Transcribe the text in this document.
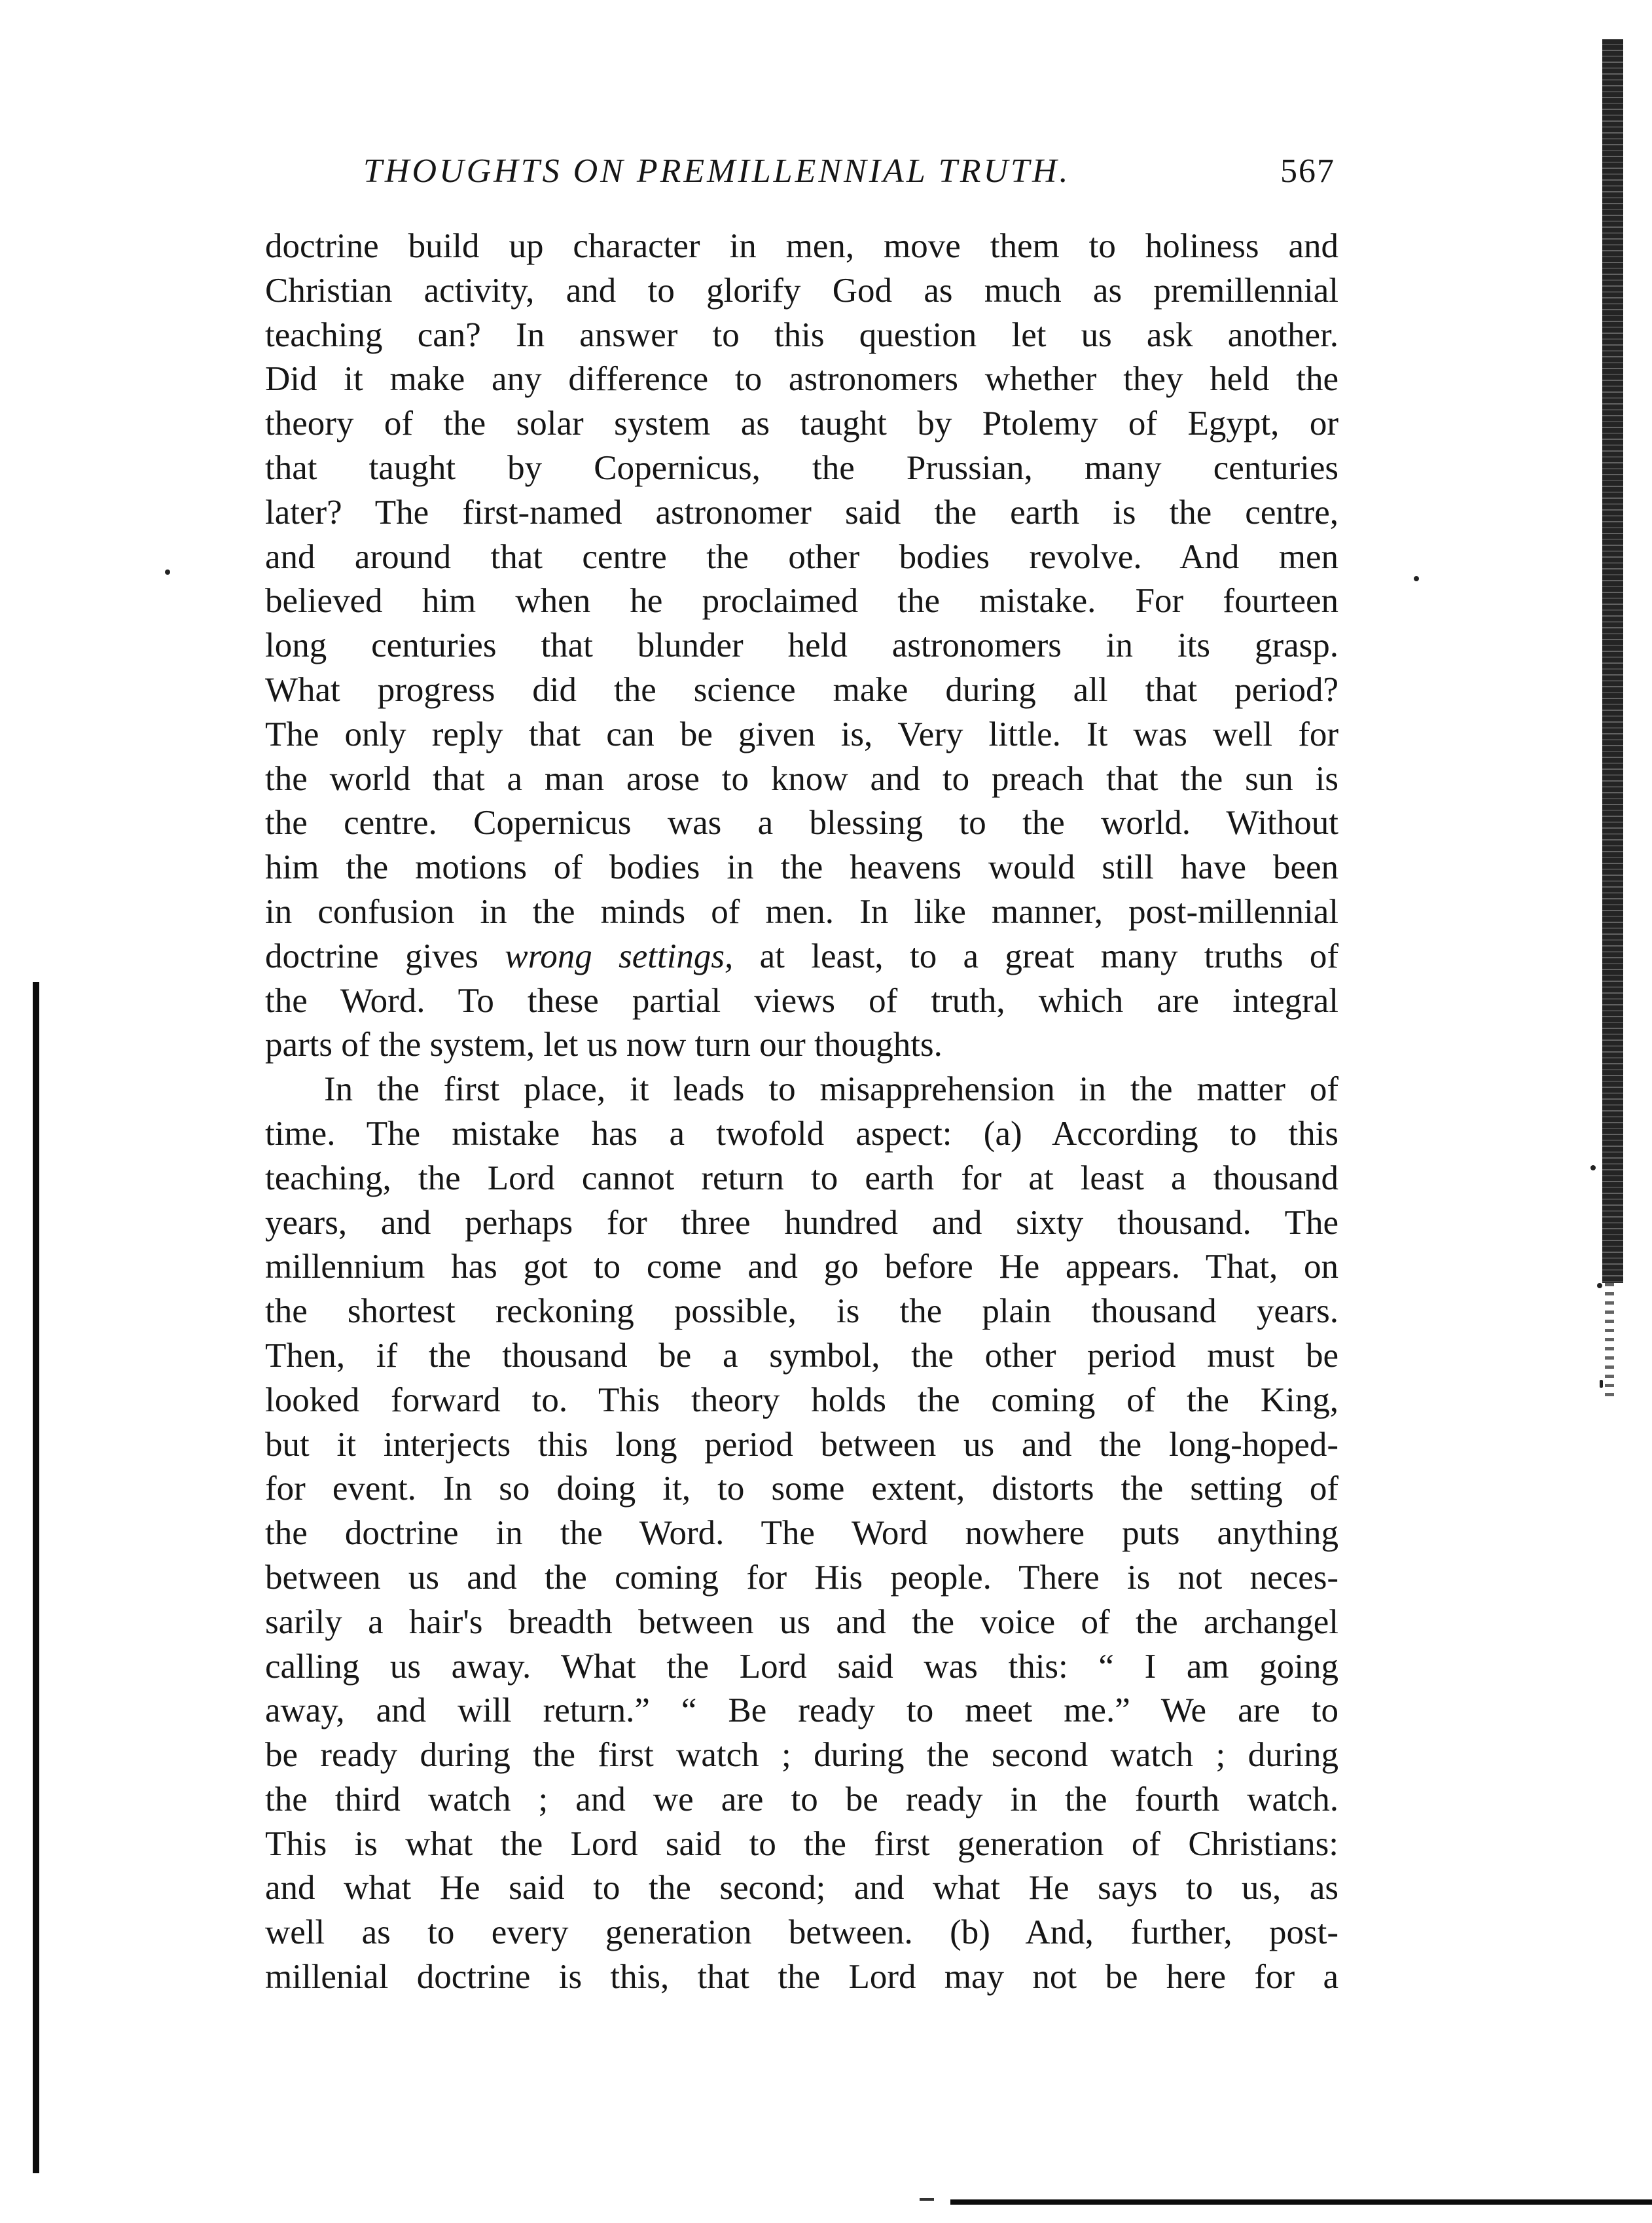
THOUGHTS ON PREMILLENNIAL TRUTH.	567
doctrine build up character in men, move them to holiness and
Christian activity, and to glorify God as much as premillennial
teaching can? In answer to this question let us ask another.
Did it make any difference to astronomers whether they held the
theory of the solar system as taught by Ptolemy of Egypt, or
that taught by Copernicus, the Prussian, many centuries
later? The first-named astronomer said the earth is the centre,
and around that centre the other bodies revolve. And men
believed him when he proclaimed the mistake. For fourteen
long centuries that blunder held astronomers in its grasp.
What progress did the science make during all that period?
The only reply that can be given is, Very little. It was well for
the world that a man arose to know and to preach that the sun is
the centre. Copernicus was a blessing to the world. Without
him the motions of bodies in the heavens would still have been
in confusion in the minds of men. In like manner, post-millennial
doctrine gives wrong settings, at least, to a great many truths of
the Word. To these partial views of truth, which are integral
parts of the system, let us now turn our thoughts.
In the first place, it leads to misapprehension in the matter of
time. The mistake has a twofold aspect: (a) According to this
teaching, the Lord cannot return to earth for at least a thousand
years, and perhaps for three hundred and sixty thousand. The
millennium has got to come and go before He appears. That, on
the shortest reckoning possible, is the plain thousand years.
Then, if the thousand be a symbol, the other period must be
looked forward to. This theory holds the coming of the King,
but it interjects this long period between us and the long-hoped-
for event. In so doing it, to some extent, distorts the setting of
the doctrine in the Word. The Word nowhere puts anything
between us and the coming for His people. There is not neces-
sarily a hair's breadth between us and the voice of the archangel
calling us away. What the Lord said was this: “ I am going
away, and will return.” “ Be ready to meet me.” We are to
be ready during the first watch ; during the second watch ; during
the third watch ; and we are to be ready in the fourth watch.
This is what the Lord said to the first generation of Christians:
and what He said to the second; and what He says to us, as
well as to every generation between. (b) And, further, post-
millenial doctrine is this, that the Lord may not be here for a
